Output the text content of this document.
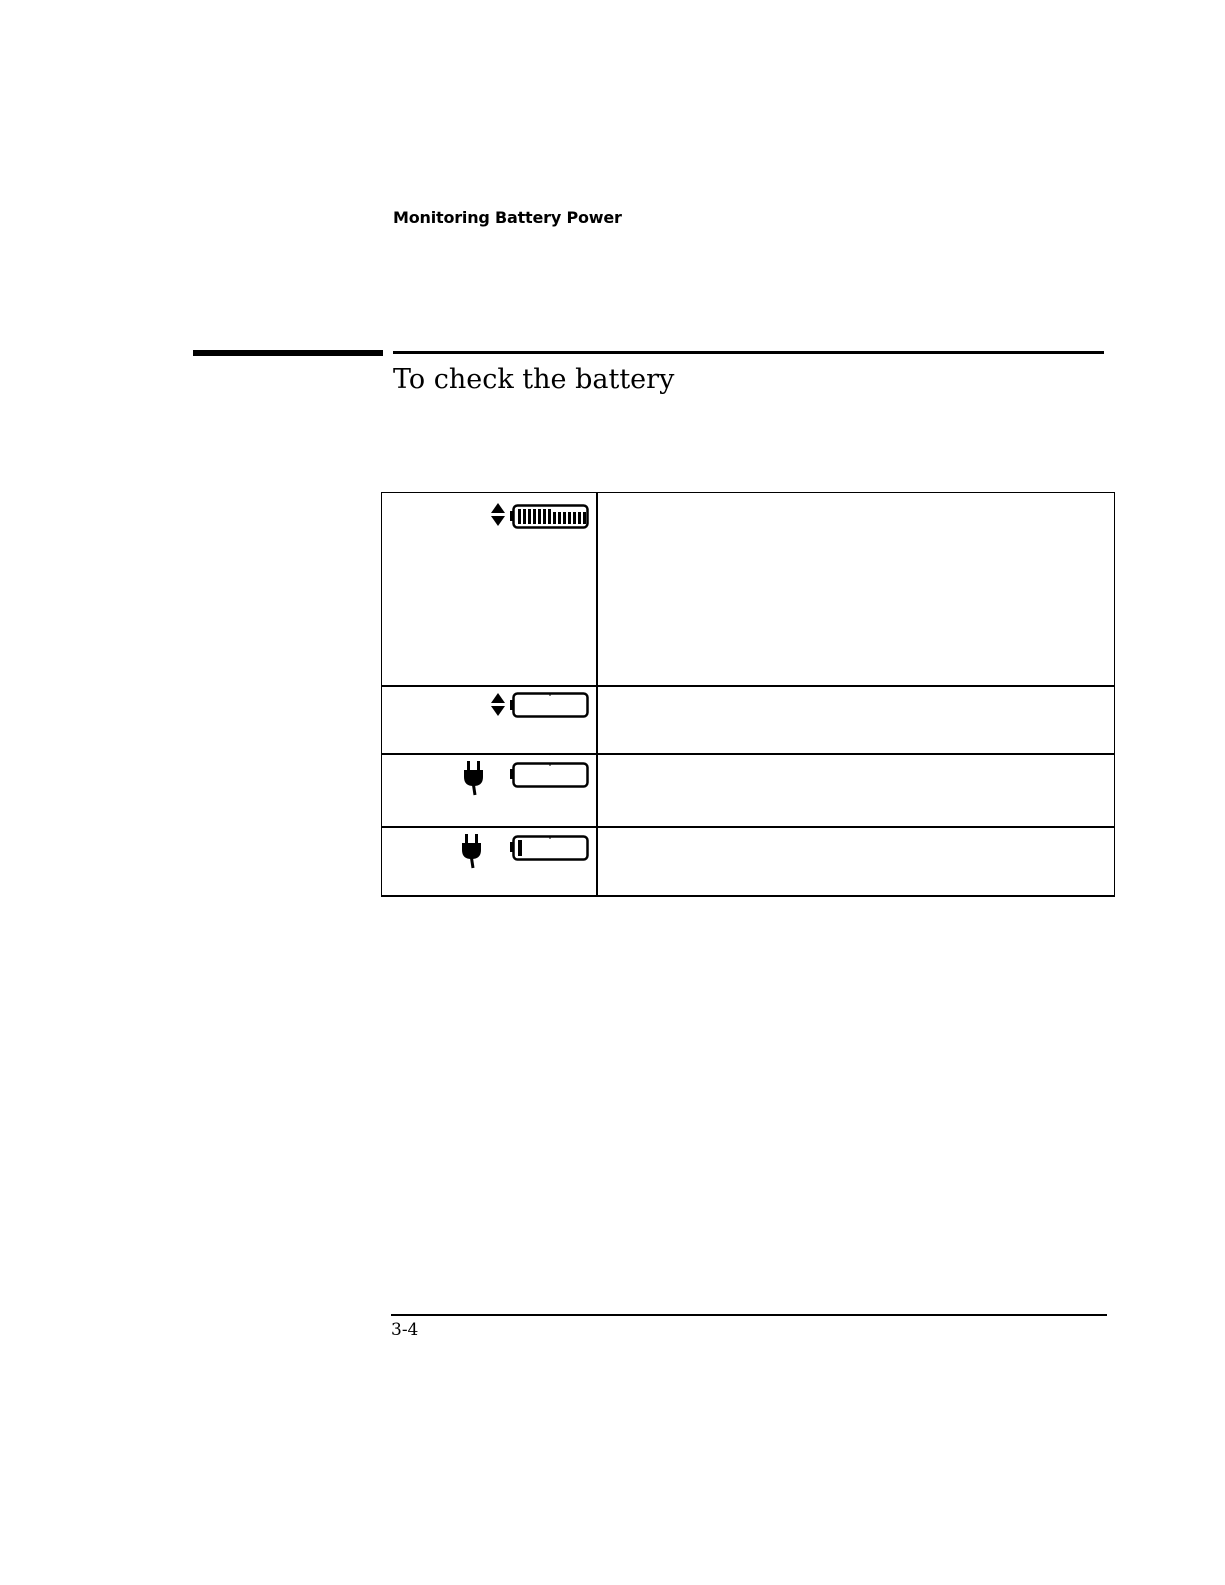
Monitoring Battery Power
To check the battery

3-4
